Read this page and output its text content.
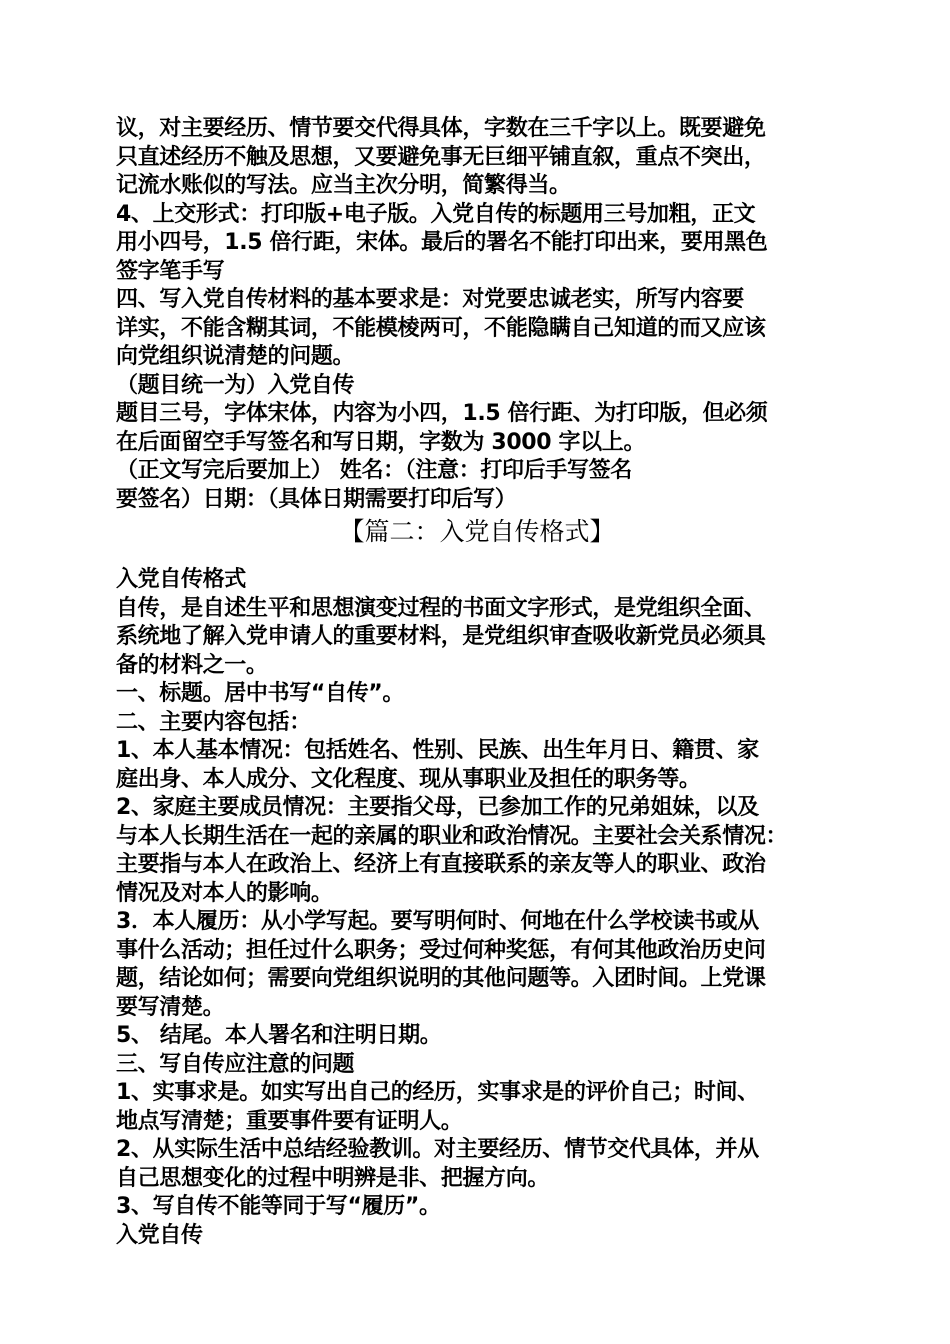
议，对主要经历、情节要交代得具体，字数在三千字以上。既要避免
只直述经历不触及思想，又要避免事无巨细平铺直叙，重点不突出，
记流水账似的写法。应当主次分明，简繁得当。
4、上交形式：打印版+电子版。入党自传的标题用三号加粗，正文
用小四号，1.5 倍行距，宋体。最后的署名不能打印出来，要用黑色
签字笔手写
四、写入党自传材料的基本要求是：对党要忠诚老实，所写内容要
详实，不能含糊其词，不能模棱两可，不能隐瞒自己知道的而又应该
向党组织说清楚的问题。
（题目统一为）入党自传
题目三号，字体宋体，内容为小四，1.5 倍行距、为打印版，但必须
在后面留空手写签名和写日期，字数为 3000 字以上。
（正文写完后要加上） 姓名：（注意：打印后手写签名
要签名）日期：（具体日期需要打印后写）
【篇二：入党自传格式】
入党自传格式
自传，是自述生平和思想演变过程的书面文字形式，是党组织全面、
系统地了解入党申请人的重要材料，是党组织审查吸收新党员必须具
备的材料之一。
一、标题。居中书写“自传”。
二、主要内容包括：
1、本人基本情况：包括姓名、性别、民族、出生年月日、籍贯、家
庭出身、本人成分、文化程度、现从事职业及担任的职务等。
2、家庭主要成员情况：主要指父母，已参加工作的兄弟姐妹，以及
与本人长期生活在一起的亲属的职业和政治情况。主要社会关系情况：
主要指与本人在政治上、经济上有直接联系的亲友等人的职业、政治
情况及对本人的影响。
3．本人履历：从小学写起。要写明何时、何地在什么学校读书或从
事什么活动；担任过什么职务；受过何种奖惩，有何其他政治历史问
题，结论如何；需要向党组织说明的其他问题等。入团时间。上党课
要写清楚。
5、 结尾。本人署名和注明日期。
三、写自传应注意的问题
1、实事求是。如实写出自己的经历，实事求是的评价自己；时间、
地点写清楚；重要事件要有证明人。
2、从实际生活中总结经验教训。对主要经历、情节交代具体，并从
自己思想变化的过程中明辨是非、把握方向。
3、写自传不能等同于写“履历”。
入党自传
